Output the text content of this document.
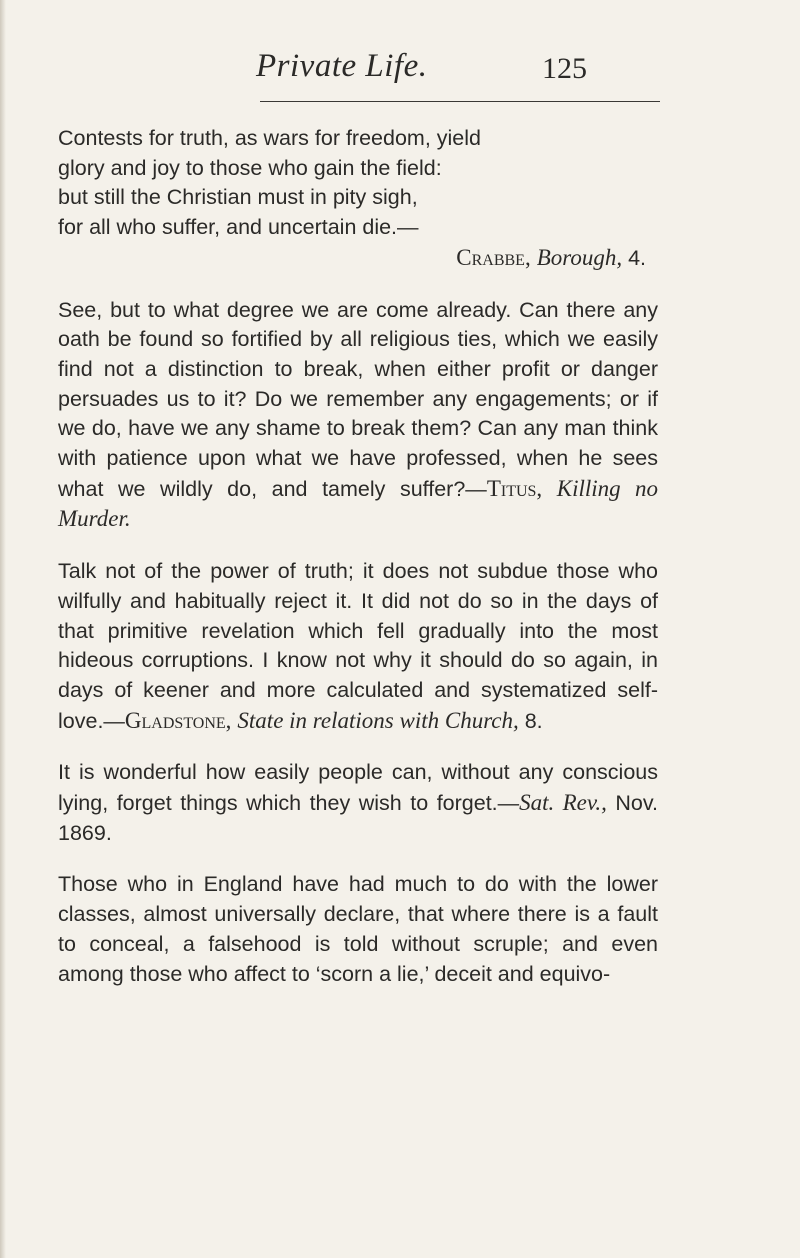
Private Life.	125

Contests for truth, as wars for freedom, yield

glory and joy to those who gain the field:

but still the Christian must in pity sigh,

for all who suffer, and uncertain die.—

Crabbe, Borough, 4.

See, but to what degree we are come already. Can there any oath be found so fortified by all religious ties, which we easily find not a distinction to break, when either profit or danger persuades us to it? Do we remember any engagements; or if we do, have we any shame to break them? Can any man think with patience upon what we have professed, when he sees what we wildly do, and tamely suffer?—Titus, Killing no Murder.

Talk not of the power of truth; it does not subdue those who wilfully and habitually reject it. It did not do so in the days of that primitive revelation which fell gradually into the most hideous corruptions. I know not why it should do so again, in days of keener and more calculated and systematized self-love.—Gladstone, State in relations with Church, 8.

It is wonderful how easily people can, without any conscious lying, forget things which they wish to forget.—Sat. Rev., Nov. 1869.

Those who in England have had much to do with the lower classes, almost universally declare, that where there is a fault to conceal, a falsehood is told without scruple; and even among those who affect to ‘scorn a lie,’ deceit and equivo-
